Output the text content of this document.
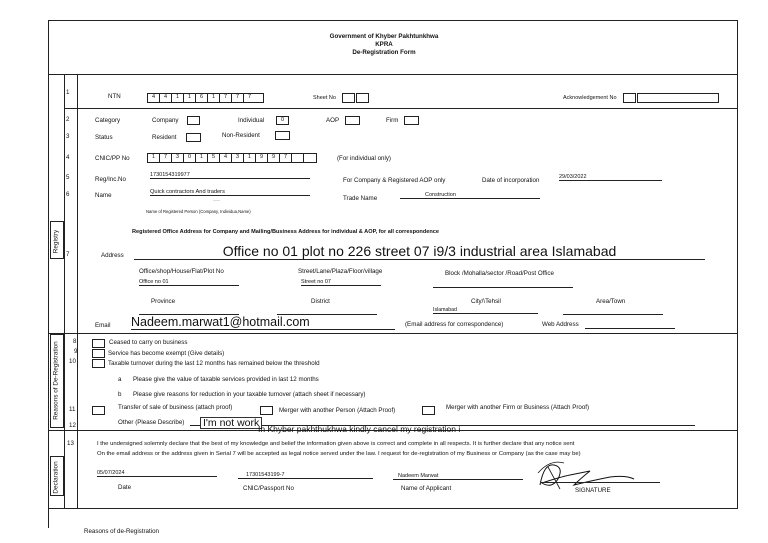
Government of Khyber Pakhtunkhwa
KPRA
De-Registration Form
Registry
Reasons of De-Registration
Declaration
1
2
3
4
5
6
7
8
9
10
11
12
13
NTN	4	4	1	1	6	1	7	7	7	Sheet No	Acknowledgement No
Category	Company	Individual	0	AOP	Firm
Status	Resident	Non-Resident
CNIC/PP No	1	7	3	0	1	5	4	3	1	9	9	7	(For individual only)
Reg/Inc.No
1730154319977
For Company & Registered AOP only	Date of incorporation	29/03/2022
Name	Quick contractors And traders
-------	Trade Name	Construction
Name of Registered Person (Company, Individua,Name)
Registered Office Address for Company and Mailing/Business Address for individual & AOP, for all correspondence
Address	Office no 01 plot no 226 street 07 i9/3 industrial area Islamabad
Office/shop/House/Flat/Plot No
Office no 01
Street/Lane/Plaza/Floor/village
Street no 07
Block /Mohalla/sector /Road/Post Office
Province	District	City/\Tehsil	Area/Town
Islamabad
Email Nadeem.marwat1@hotmail.com	(Email address for correspondence)	Web Address
Ceased to carry on business
Service has become exempt (Give details)
Taxable turnover during the last 12 months has remained below the threshold
a Please give the value of taxable services provided in last 12 months
b Please give reasons for reduction in your taxable turnover (attach sheet if necessary)
Transfer of sale of business (attach proof)	Merger with another Person (Attach Proof)	Merger with another Firm or Business (Attach Proof)
Other (Please Describe) I'm not work
In Khyber pakhthukhwa kindly cancel my registration i
I the undersigned solemnly declare that the best of my knowledge and belief the information given above is correct and complete in all respects. It is further declare that any notice sent
On the email address or the address given in Serial 7 will be accepted as legal notice served under the law. I request for de-registration of my Business or Company (as the case may be)
05/07/2024
Date
17301543199-7
CNIC/Passport No
Nadeem Marwat
Name of Applicant	SIGNATURE
Reasons of de-Registration
